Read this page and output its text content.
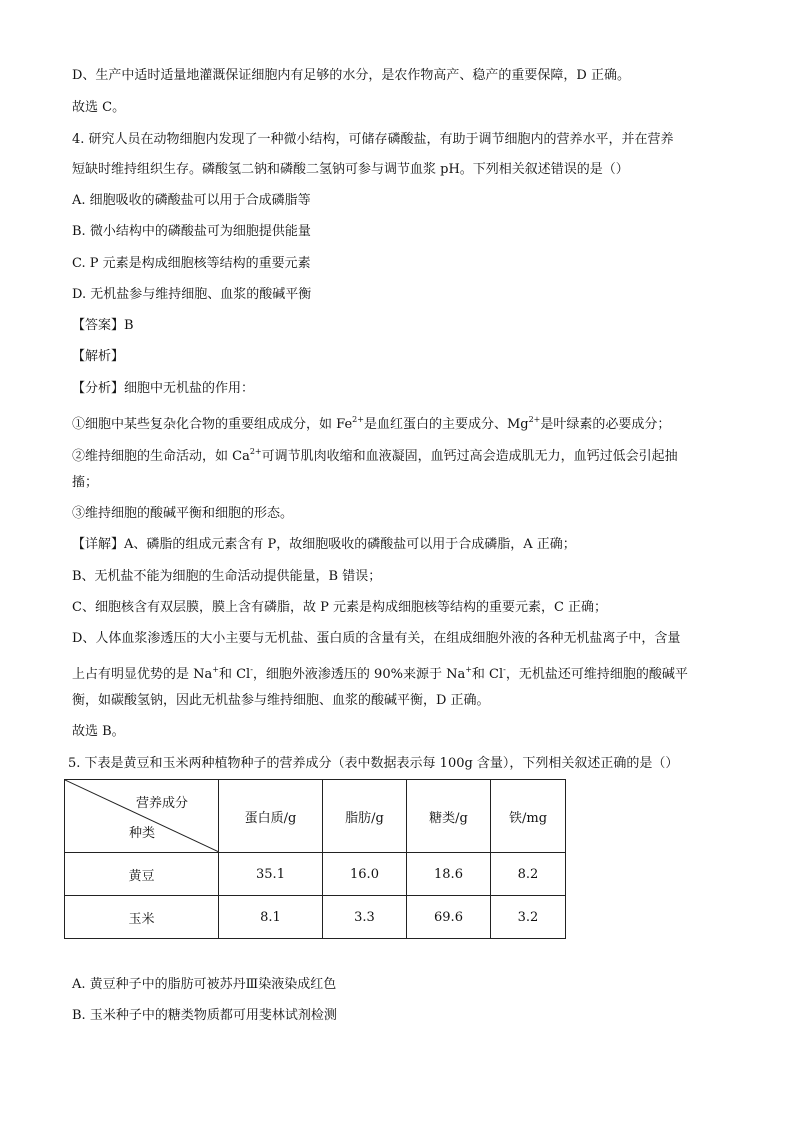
D、生产中适时适量地灌溉保证细胞内有足够的水分，是农作物高产、稳产的重要保障，D 正确。
故选 C。
4. 研究人员在动物细胞内发现了一种微小结构，可储存磷酸盐，有助于调节细胞内的营养水平，并在营养
短缺时维持组织生存。磷酸氢二钠和磷酸二氢钠可参与调节血浆 pH。下列相关叙述错误的是（）
A. 细胞吸收的磷酸盐可以用于合成磷脂等
B. 微小结构中的磷酸盐可为细胞提供能量
C. P 元素是构成细胞核等结构的重要元素
D. 无机盐参与维持细胞、血浆的酸碱平衡
【答案】B
【解析】
【分析】细胞中无机盐的作用：
①细胞中某些复杂化合物的重要组成成分，如 $Fe^{2+}$是血红蛋白的主要成分、$Mg^{2+}$是叶绿素的必要成分；
②维持细胞的生命活动，如 $Ca^{2+}$可调节肌肉收缩和血液凝固，血钙过高会造成肌无力，血钙过低会引起抽
搐；
③维持细胞的酸碱平衡和细胞的形态。
【详解】A、磷脂的组成元素含有 P，故细胞吸收的磷酸盐可以用于合成磷脂，A 正确；
B、无机盐不能为细胞的生命活动提供能量，B 错误；
C、细胞核含有双层膜，膜上含有磷脂，故 P 元素是构成细胞核等结构的重要元素，C 正确；
D、人体血浆渗透压的大小主要与无机盐、蛋白质的含量有关，在组成细胞外液的各种无机盐离子中，含量
上占有明显优势的是 Na+和 Cl-，细胞外液渗透压的 90%来源于 Na+和 Cl-，无机盐还可维持细胞的酸碱平
衡，如碳酸氢钠，因此无机盐参与维持细胞、血浆的酸碱平衡，D 正确。
故选 B。
5. 下表是黄豆和玉米两种植物种子的营养成分（表中数据表示每 100g 含量），下列相关叙述正确的是（）
营养成分
种类	蛋白质/g	脂肪/g	糖类/g	铁/mg
黄豆	35.1	16.0	18.6	8.2
玉米	8.1	3.3	69.6	3.2
A. 黄豆种子中的脂肪可被苏丹Ⅲ染液染成红色
B. 玉米种子中的糖类物质都可用斐林试剂检测
